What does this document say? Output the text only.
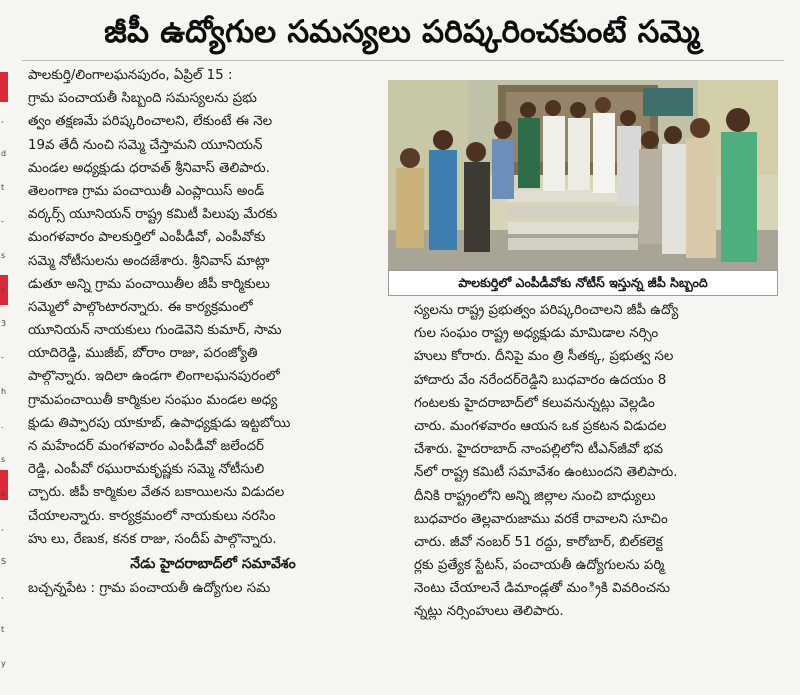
,
d
t
-
s
s
3
-
h
.
s
s
,
S
,
t
y
జీపీ ఉద్యోగుల సమస్యలు పరిష్కరించకుంటే సమ్మె
పాలకుర్తి/లింగాలఘనపురం, ఏప్రిల్ 15 :
గ్రామ పంచాయతీ సిబ్బంది సమస్యలను ప్రభు
త్వం తక్షణమే పరిష్కరించాలని, లేకుంటే ఈ నెల
19వ తేదీ నుంచి సమ్మె చేస్తామని యూనియన్
మండల అధ్యక్షుడు ధరావత్ శ్రీనివాస్ తెలిపారు.
తెలంగాణ గ్రామ పంచాయితీ ఎంప్లాయిస్ అండ్
వర్కర్స్ యూనియన్ రాష్ట్ర కమిటీ పిలుపు మేరకు
మంగళవారం పాలకుర్తిలో ఎంపీడీవో, ఎంపీవోకు
సమ్మె నోటీసులను అందజేశారు. శ్రీనివాస్ మాట్లా
డుతూ అన్ని గ్రామ పంచాయితీల జీపీ కార్మికులు
సమ్మెలో పాల్గొంటారన్నారు. ఈ కార్యక్రమంలో
యూనియన్ నాయకులు గుండెవెని కుమార్, సామ
యాదిరెడ్డి, ముజీబ్, బొ్రాం రాజు, పరంజ్యోతి
పాల్గొన్నారు. ఇదిలా ఉండగా లింగాలఘనపురంలో
గ్రామపంచాయితీ కార్మికుల సంఘం మండల అధ్య
క్షుడు తిప్పారపు యాకూబ్, ఉపాధ్యక్షుడు ఇట్టబోయి
న మహేందర్ మంగళవారం ఎంపీడీవో జలేందర్
రెడ్డి, ఎంపీవో రఘురామకృష్ణకు సమ్మె నోటీసులి
చ్చారు. జీపీ కార్మికుల వేతన బకాయిలను విడుదల
చేయాలన్నారు. కార్యక్రమంలో నాయకులు నరసిం
హు లు, రేణుక, కనక రాజు, సందీప్ పాల్గొన్నారు.
నేడు హైదరాబాద్‌లో సమావేశం
బచ్చన్నపేట : గ్రామ పంచాయతీ ఉద్యోగుల సమ
పాలకుర్తిలో ఎంపీడీవోకు నోటీస్ ఇస్తున్న జీపీ సిబ్బంది
స్యలను రాష్ట్ర ప్రభుత్వం పరిష్కరించాలని జీపీ ఉద్యో
గుల సంఘం రాష్ట్ర అధ్యక్షుడు మామిడాల నర్సిం
హులు కోరారు. దీనిపై మం త్రి సీతక్క, ప్రభుత్వ సల
హాదారు వేం నరేందర్‌రెడ్డిని బుధవారం ఉదయం 8
గంటలకు హైదరాబాద్‌లో కలువనున్నట్లు వెల్లడిం
చారు. మంగళవారం ఆయన ఒక ప్రకటన విడుదల
చేశారు. హైదరాబాద్ నాంపల్లిలోని టీఎన్‌జీవో భవ
న్‌లో రాష్ట్ర కమిటీ సమావేశం ఉంటుందని తెలిపారు.
దీనికి రాష్ట్రంలోని అన్ని జిల్లాల నుంచి బాధ్యులు
బుధవారం తెల్లవారుజాము వరకే రావాలని సూచిం
చారు. జీవో నంబర్ 51 రద్దు, కారోబార్, బిల్‌కలెక్ట
ర్లకు ప్రత్యేక స్టేటస్, పంచాయతీ ఉద్యోగులను పర్మి
నెంటు చేయాలనే డిమాండ్లతో మం్రికి వివరించను
న్నట్లు నర్సింహులు తెలిపారు.
